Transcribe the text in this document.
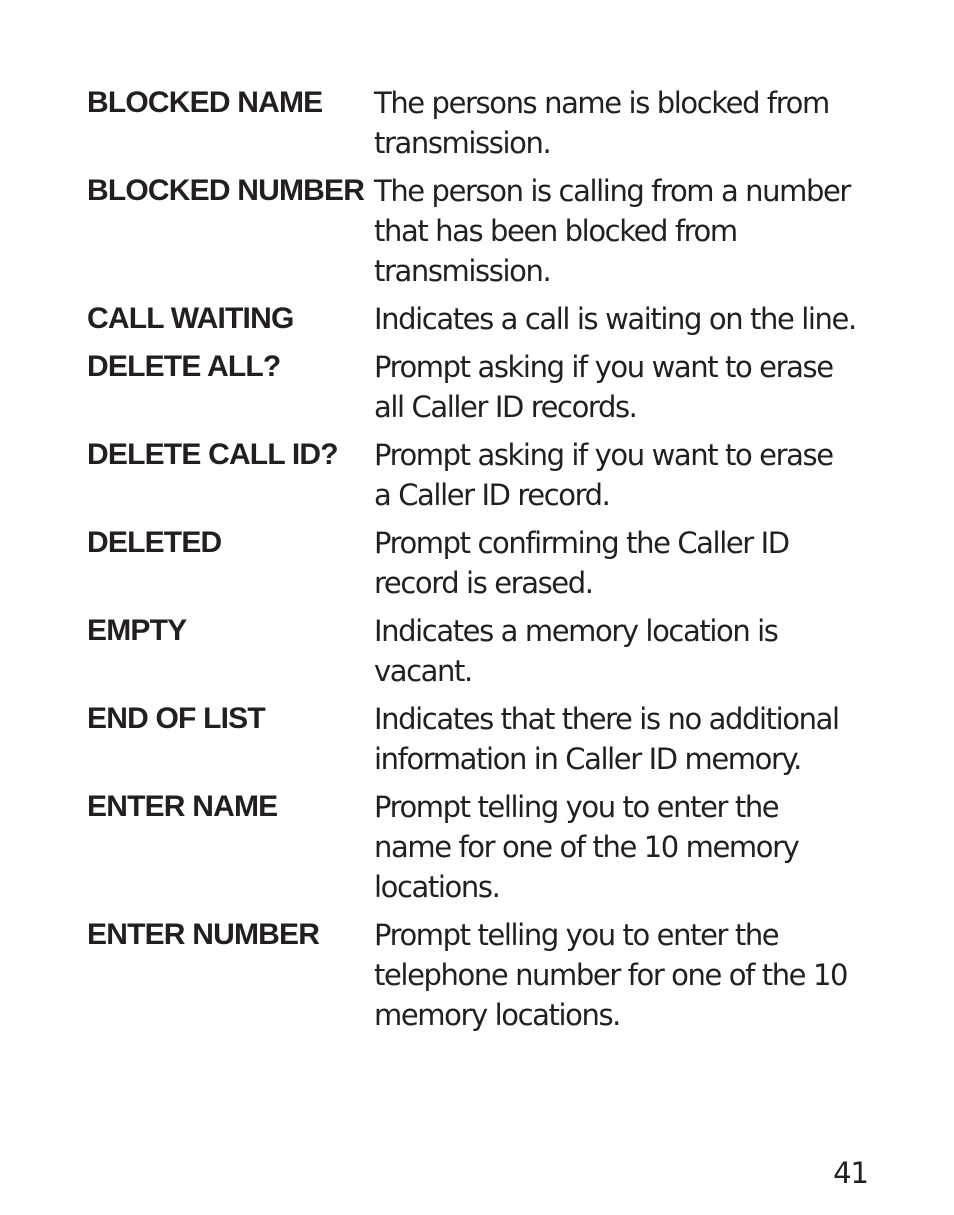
BLOCKED NAME	The persons name is blocked from
transmission.
BLOCKED NUMBER The person is calling from a number
that has been blocked from
transmission.
CALL WAITING	Indicates a call is waiting on the line.
DELETE ALL?	Prompt asking if you want to erase
all Caller ID records.
DELETE CALL ID?	Prompt asking if you want to erase
a Caller ID record.
DELETED	Prompt confirming the Caller ID
record is erased.
EMPTY	Indicates a memory location is
vacant.
END OF LIST	Indicates that there is no additional
information in Caller ID memory.
ENTER NAME	Prompt telling you to enter the
name for one of the 10 memory
locations.
ENTER NUMBER	Prompt telling you to enter the
telephone number for one of the 10
memory locations.
41
